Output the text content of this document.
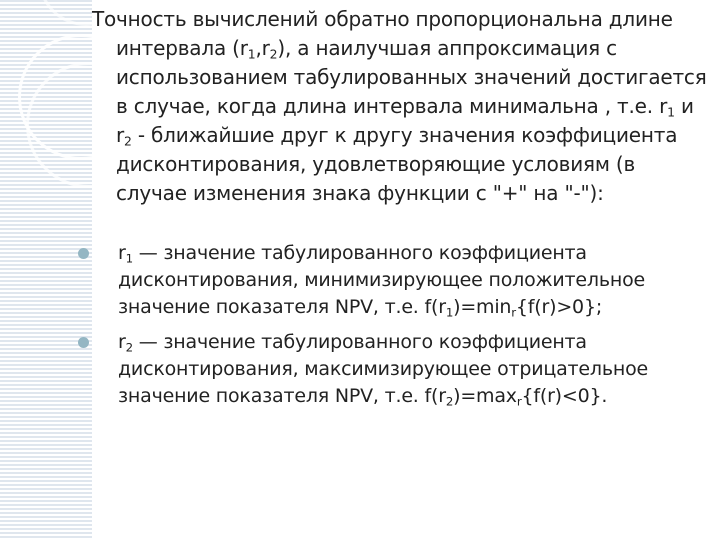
Точность вычислений обратно пропорциональна длине интервала $(r_1,r_2)$, а наилучшая аппроксимация с использованием табулированных значений достигается в случае, когда длина интервала минимальна , т.е. $r_1$ и $r_2$ - ближайшие друг к другу значения коэффициента дисконтирования, удовлетворяющие условиям (в случае изменения знака функции с "+" на "-"):

$r_1$ — значение табулированного коэффициента дисконтирования, минимизирующее положительное значение показателя NPV, т.е. $f(r_1)=\min_r\{f(r)>0\}$;
$r_2$ — значение табулированного коэффициента дисконтирования, максимизирующее отрицательное значение показателя NPV, т.е. $f(r_2)=\max_r\{f(r)<0\}$.
